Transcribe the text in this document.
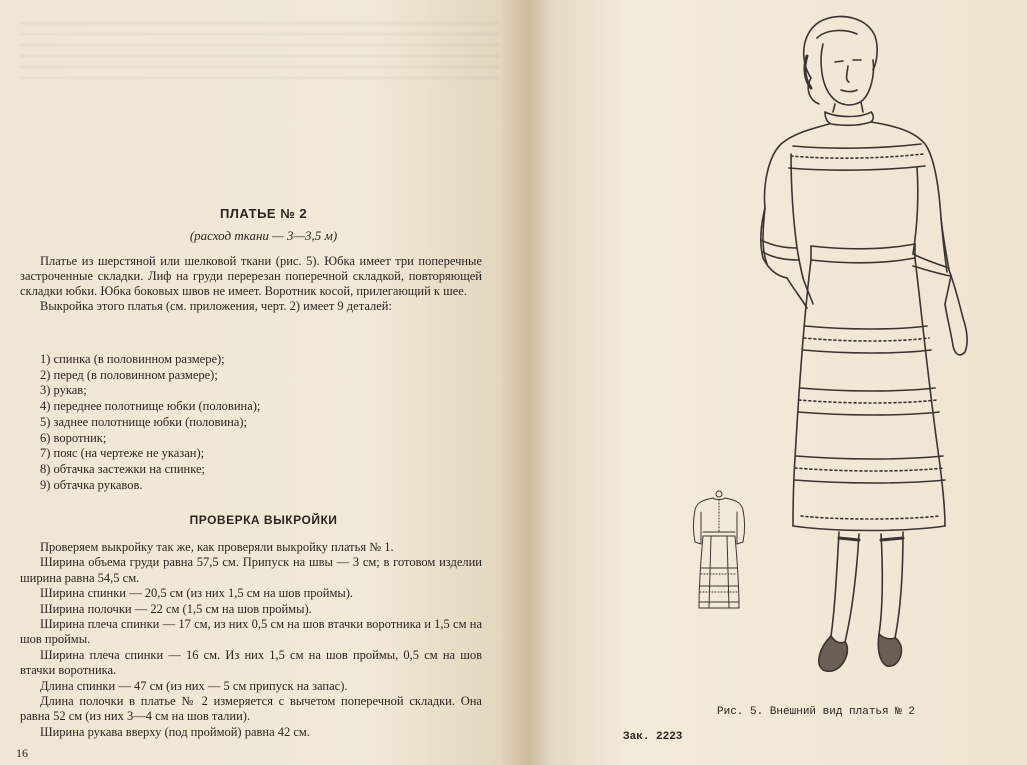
ПЛАТЬЕ № 2
(расход ткани — 3—3,5 м)

Платье из шерстяной или шелковой ткани (рис. 5). Юбка имеет три поперечные застроченные складки. Лиф на груди перерезан поперечной складкой, повторяющей складки юбки. Юбка боковых швов не имеет. Воротник косой, прилегающий к шее.

Выкройка этого платья (см. приложения, черт. 2) имеет 9 деталей:

1) спинка (в половинном размере);
2) перед (в половинном размере);
3) рукав;
4) переднее полотнище юбки (половина);
5) заднее полотнище юбки (половина);
6) воротник;
7) пояс (на чертеже не указан);
8) обтачка застежки на спинке;
9) обтачка рукавов.
ПРОВЕРКА ВЫКРОЙКИ

Проверяем выкройку так же, как проверяли выкройку платья № 1.

Ширина объема груди равна 57,5 см. Припуск на швы — 3 см; в готовом изделии ширина равна 54,5 см.

Ширина спинки — 20,5 см (из них 1,5 см на шов проймы).

Ширина полочки — 22 см (1,5 см на шов проймы).

Ширина плеча спинки — 17 см, из них 0,5 см на шов втачки воротника и 1,5 см на шов проймы.

Ширина плеча спинки — 16 см. Из них 1,5 см на шов проймы, 0,5 см на шов втачки воротника.

Длина спинки — 47 см (из них — 5 см припуск на запас).

Длина полочки в платье № 2 измеряется с вычетом поперечной складки. Она равна 52 см (из них 3—4 см на шов талии).

Ширина рукава вверху (под проймой) равна 42 см.

16
Рис. 5. Внешний вид платья № 2
Зак. 2223
